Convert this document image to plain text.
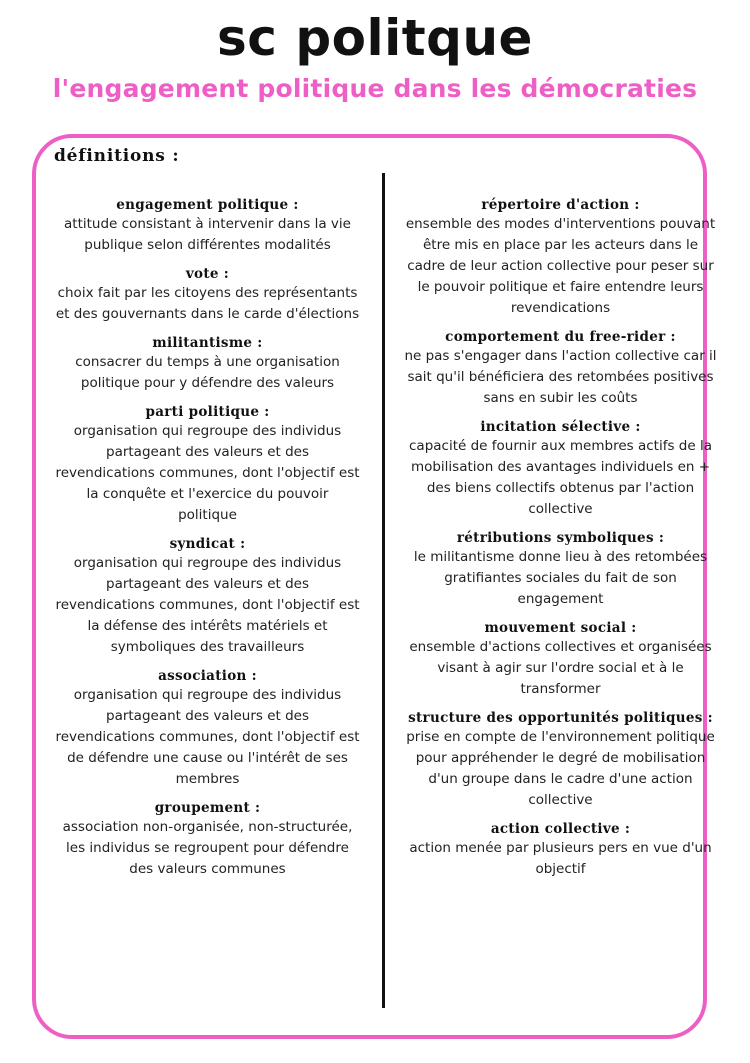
sc politque
l'engagement politique dans les démocraties
définitions :
engagement politique :
attitude consistant à intervenir dans la vie publique selon différentes modalités
vote :
choix fait par les citoyens des représentants et des gouvernants dans le carde d'élections
militantisme :
consacrer du temps à une organisation politique pour y défendre des valeurs
parti politique :
organisation qui regroupe des individus partageant des valeurs et des revendications communes, dont l'objectif est la conquête et l'exercice du pouvoir politique
syndicat :
organisation qui regroupe des individus partageant des valeurs et des revendications communes, dont l'objectif est la défense des intérêts matériels et symboliques des travailleurs
association :
organisation qui regroupe des individus partageant des valeurs et des revendications communes, dont l'objectif est de défendre une cause ou l'intérêt de ses membres
groupement :
association non-organisée, non-structurée, les individus se regroupent pour défendre des valeurs communes
répertoire d'action :
ensemble des modes d'interventions pouvant être mis en place par les acteurs dans le cadre de leur action collective pour peser sur le pouvoir politique et faire entendre leurs revendications
comportement du free-rider :
ne pas s'engager dans l'action collective car il sait qu'il bénéficiera des retombées positives sans en subir les coûts
incitation sélective :
capacité de fournir aux membres actifs de la mobilisation des avantages individuels en + des biens collectifs obtenus par l'action collective
rétributions symboliques :
le militantisme donne lieu à des retombées gratifiantes sociales du fait de son engagement
mouvement social :
ensemble d'actions collectives et organisées visant à agir sur l'ordre social et à le transformer
structure des opportunités politiques :
prise en compte de l'environnement politique pour appréhender le degré de mobilisation d'un groupe dans le cadre d'une action collective
action collective :
action menée par plusieurs pers en vue d'un objectif
